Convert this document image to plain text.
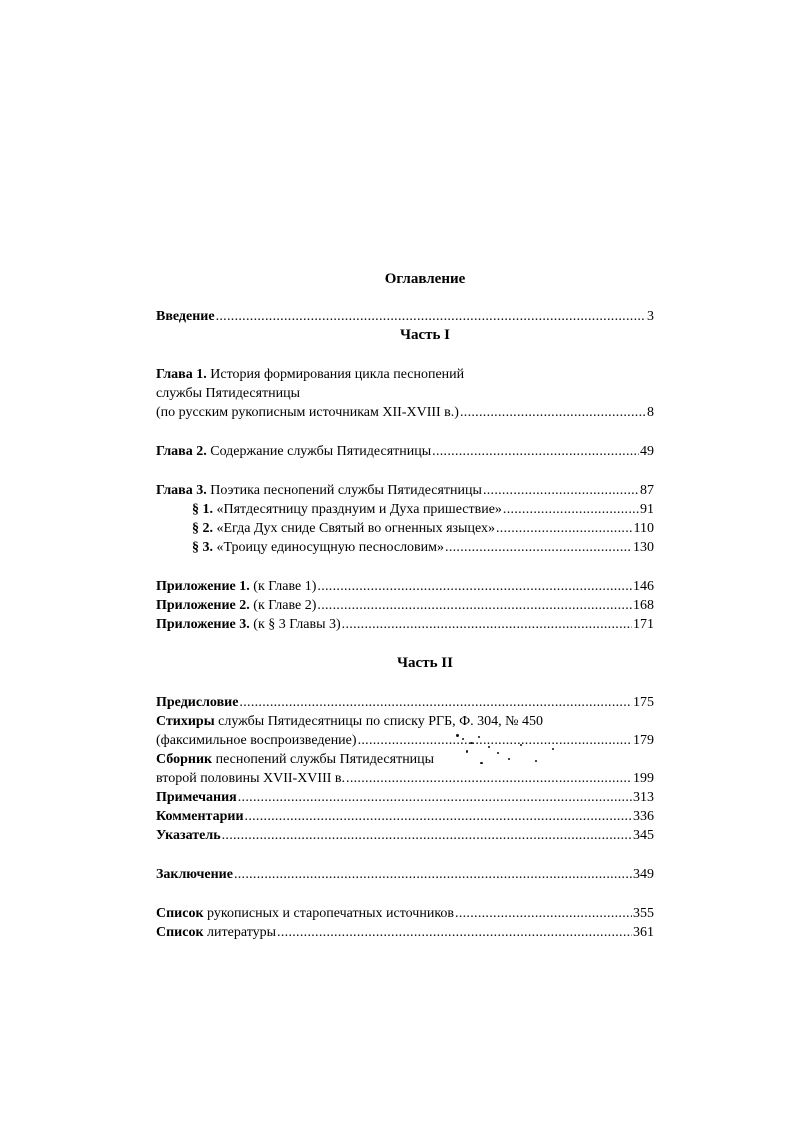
Оглавление
Введение .....	3
Часть I
Глава 1. История формирования цикла песнопений
службы Пятидесятницы
(по русским рукописным источникам XII-XVIII в.) .....	8
Глава 2. Содержание службы Пятидесятницы .....	49
Глава 3. Поэтика песнопений службы Пятидесятницы .....	87
§ 1. «Пятдесятницу празднуим и Духа пришествие» .....	91
§ 2. «Егда Дух сниде Святый во огненных языцех» .....	110
§ 3. «Троицу единосущную песнословим» .....	130
Приложение 1. (к Главе 1) .....	146
Приложение 2. (к Главе 2) .....	168
Приложение 3. (к § 3 Главы 3) .....	171
Часть II
Предисловие .....	175
Стихиры службы Пятидесятницы по списку РГБ, Ф. 304, № 450
(факсимильное воспроизведение) .....	179
Сборник песнопений службы Пятидесятницы
второй половины XVII-XVIII в. .....	199
Примечания .....	313
Комментарии .....	336
Указатель .....	345
Заключение .....	349
Список рукописных и старопечатных источников .....	355
Список литературы .....	361
